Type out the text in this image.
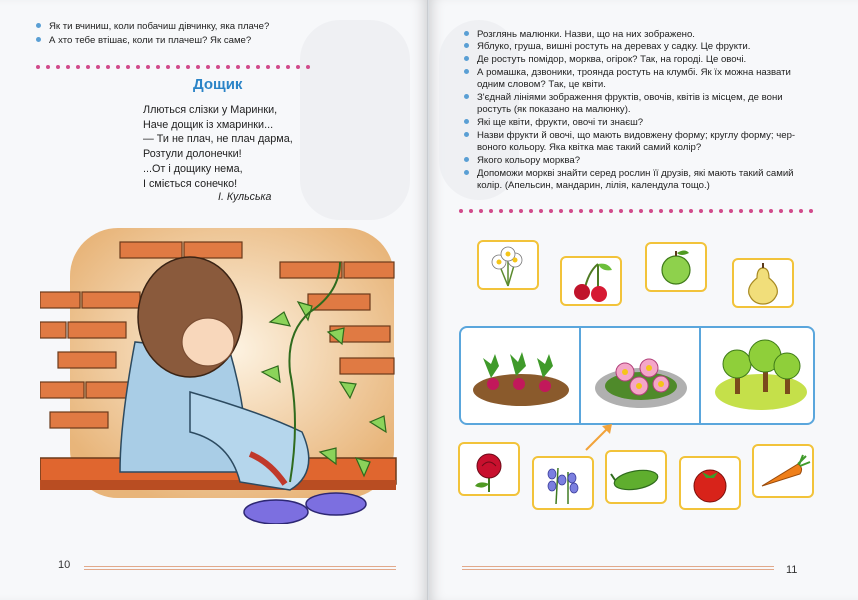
Як ти вчиниш, коли побачиш дівчинку, яка плаче?
А хто тебе втішає, коли ти плачеш? Як саме?
Дощик
Ллються слізки у Маринки,
Наче дощик із хмаринки...
— Ти не плач, не плач дарма,
Розтули долонечки!
...От і дощику нема,
І сміється сонечко!
І. Кульська
10
Розглянь малюнки. Назви, що на них зображено.
Яблуко, груша, вишні ростуть на деревах у садку. Це фрукти.
Де ростуть помідор, морква, огірок? Так, на городі. Це овочі.
А ромашка, дзвоники, троянда ростуть на клумбі. Як їх можна назвати
одним словом? Так, це квіти.
З'єднай лініями зображення фруктів, овочів, квітів із місцем, де вони
ростуть (як показано на малюнку).
Які ще квіти, фрукти, овочі ти знаєш?
Назви фрукти й овочі, що мають видовжену форму; круглу форму; чер-
воного кольору. Яка квітка має такий самий колір?
Якого кольору морква?
Допоможи моркві знайти серед рослин її друзів, які мають такий самий
колір. (Апельсин, мандарин, лілія, календула тощо.)
11
